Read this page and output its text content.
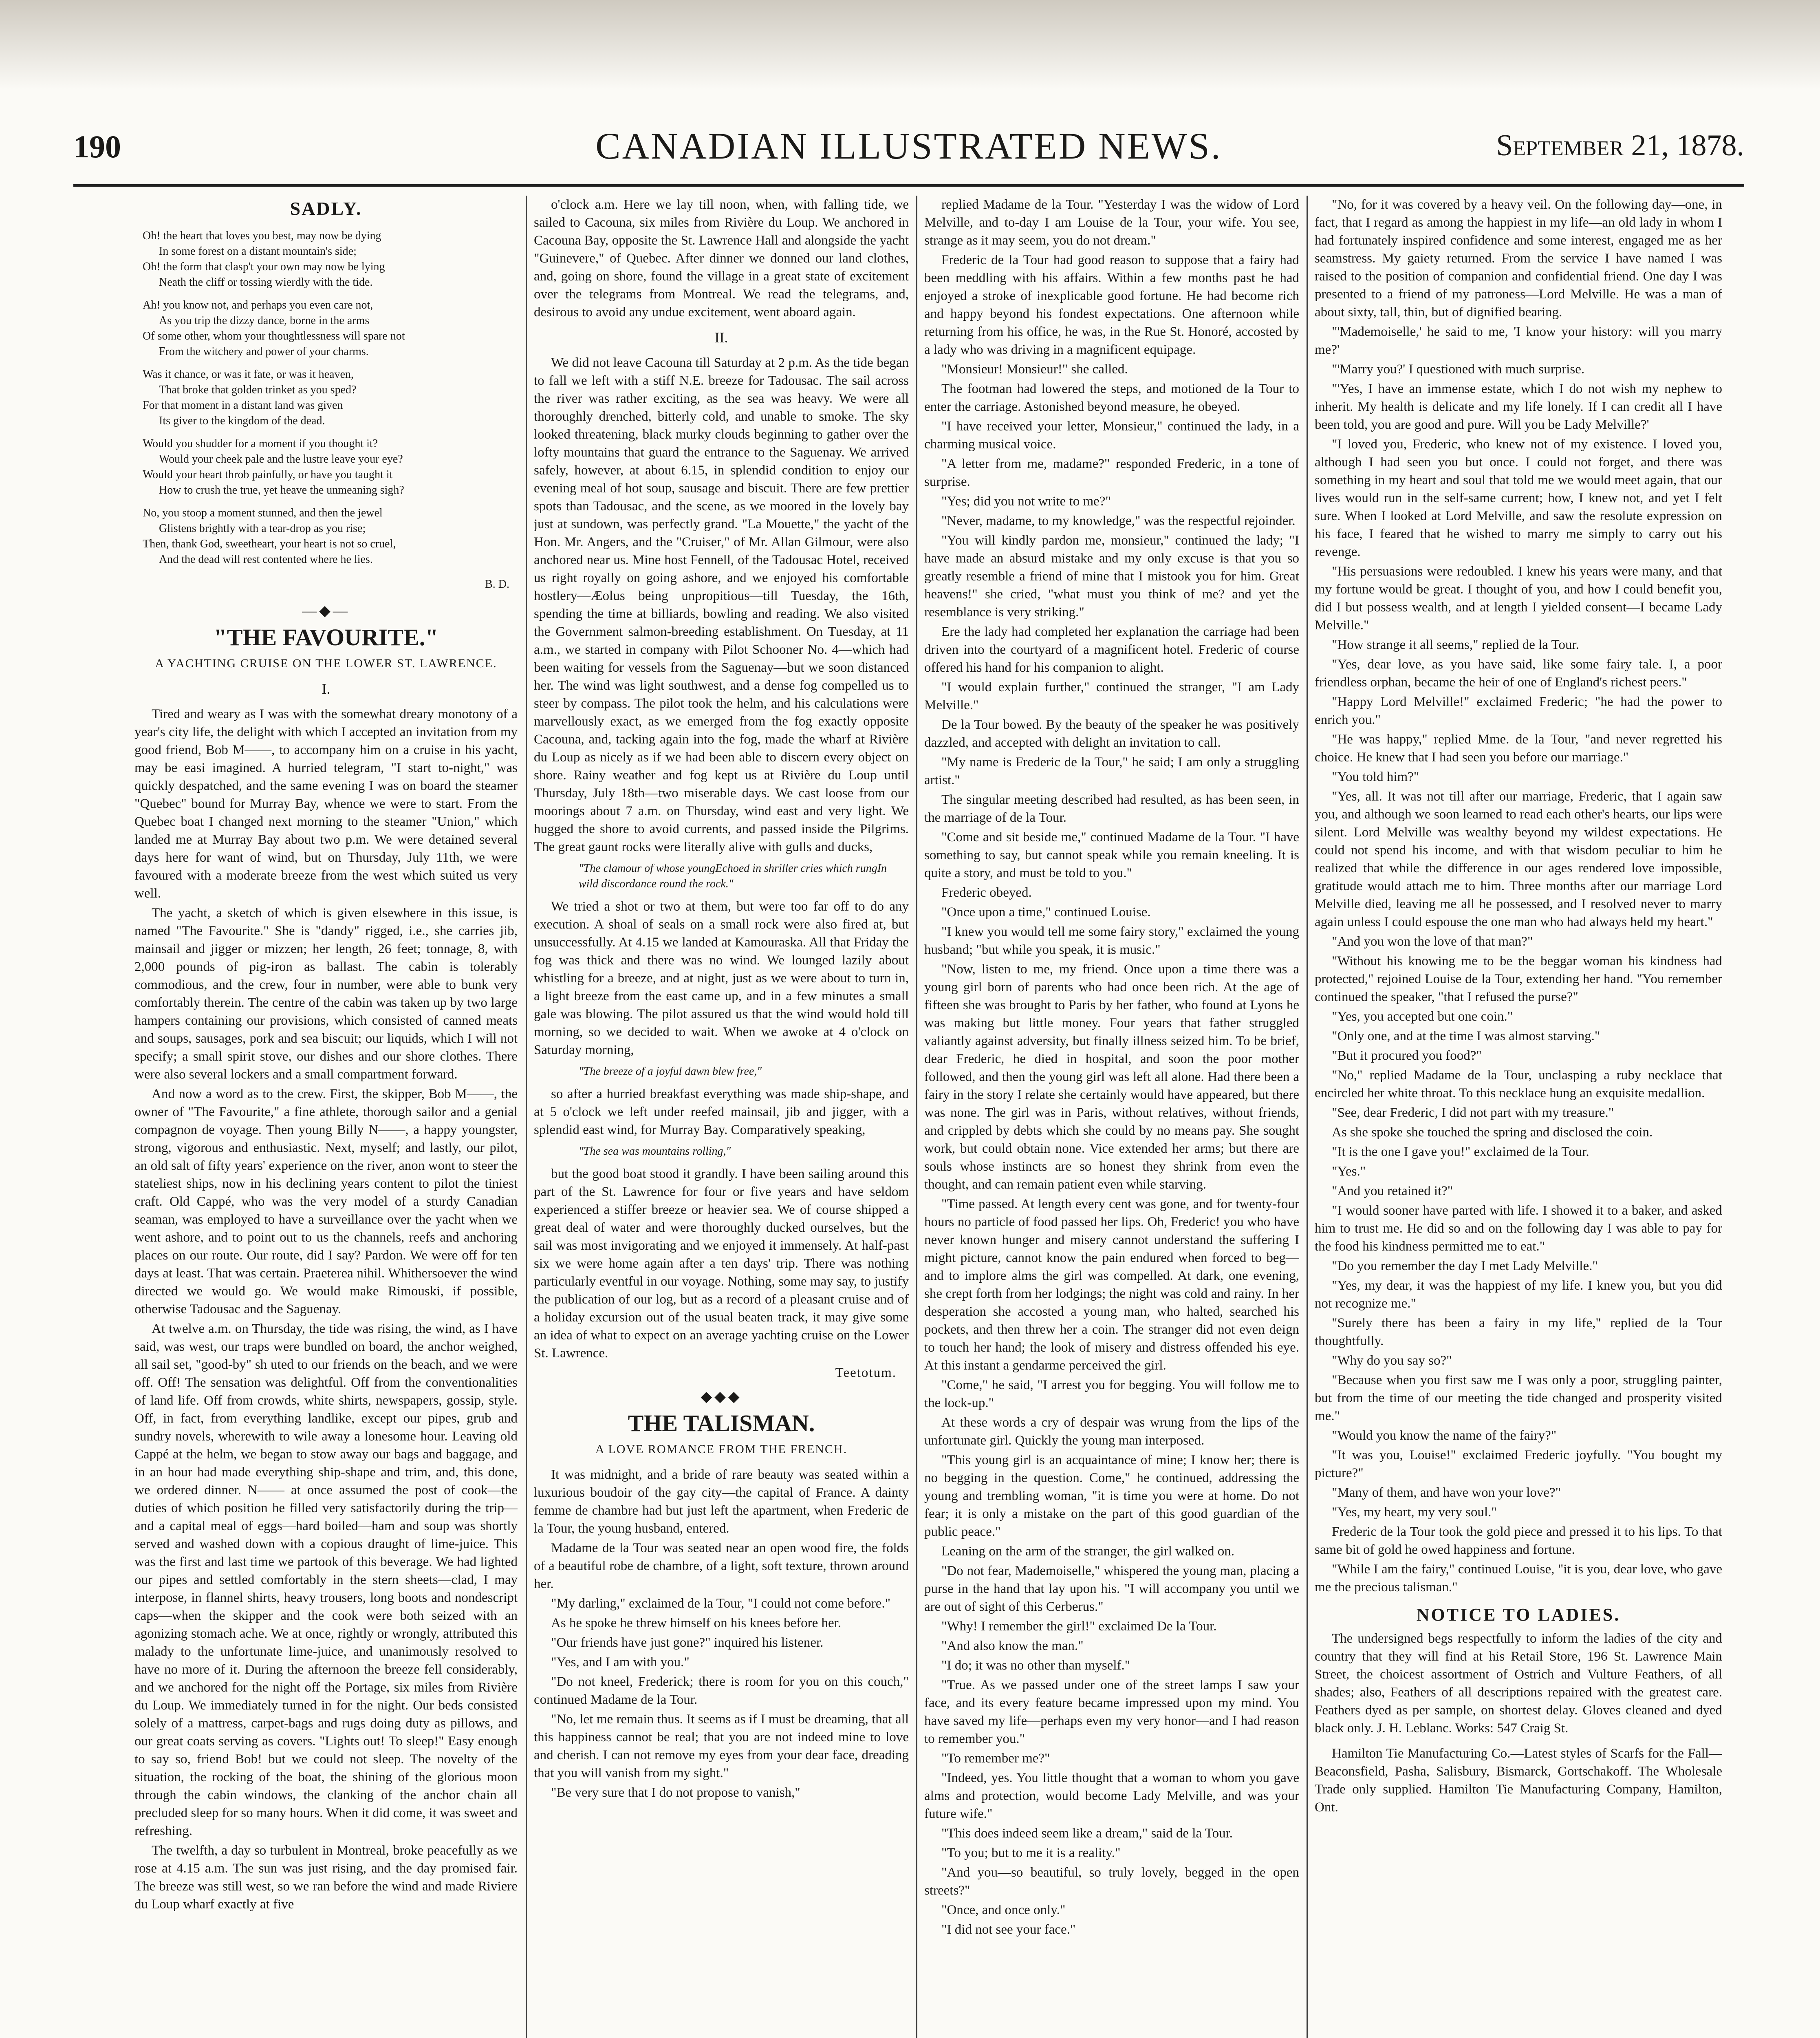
190	CANADIAN ILLUSTRATED NEWS.	September 21, 1878.
SADLY.
Oh! the heart that loves you best, may now be dying
In some forest on a distant mountain's side;
Oh! the form that clasp't your own may now be lying
Neath the cliff or tossing wierdly with the tide.
Ah! you know not, and perhaps you even care not,
As you trip the dizzy dance, borne in the arms
Of some other, whom your thoughtlessness will spare not
From the witchery and power of your charms.
Was it chance, or was it fate, or was it heaven,
That broke that golden trinket as you sped?
For that moment in a distant land was given
Its giver to the kingdom of the dead.
Would you shudder for a moment if you thought it?
Would your cheek pale and the lustre leave your eye?
Would your heart throb painfully, or have you taught it
How to crush the true, yet heave the unmeaning sigh?
No, you stoop a moment stunned, and then the jewel
Glistens brightly with a tear-drop as you rise;
Then, thank God, sweetheart, your heart is not so cruel,
And the dead will rest contented where he lies.
B. D.
—◆—
"THE FAVOURITE."
A YACHTING CRUISE ON THE LOWER ST. LAWRENCE.
I.

Tired and weary as I was with the somewhat dreary monotony of a year's city life, the delight with which I accepted an invitation from my good friend, Bob M——, to accompany him on a cruise in his yacht, may be easi imagined. A hurried telegram, "I start to-night," was quickly despatched, and the same evening I was on board the steamer "Quebec" bound for Murray Bay, whence we were to start. From the Quebec boat I changed next morning to the steamer "Union," which landed me at Murray Bay about two p.m. We were detained several days here for want of wind, but on Thursday, July 11th, we were favoured with a moderate breeze from the west which suited us very well.

The yacht, a sketch of which is given elsewhere in this issue, is named "The Favourite." She is "dandy" rigged, i.e., she carries jib, mainsail and jigger or mizzen; her length, 26 feet; tonnage, 8, with 2,000 pounds of pig-iron as ballast. The cabin is tolerably commodious, and the crew, four in number, were able to bunk very comfortably therein. The centre of the cabin was taken up by two large hampers containing our provisions, which consisted of canned meats and soups, sausages, pork and sea biscuit; our liquids, which I will not specify; a small spirit stove, our dishes and our shore clothes. There were also several lockers and a small compartment forward.

And now a word as to the crew. First, the skipper, Bob M——, the owner of "The Favourite," a fine athlete, thorough sailor and a genial compagnon de voyage. Then young Billy N——, a happy youngster, strong, vigorous and enthusiastic. Next, myself; and lastly, our pilot, an old salt of fifty years' experience on the river, anon wont to steer the stateliest ships, now in his declining years content to pilot the tiniest craft. Old Cappé, who was the very model of a sturdy Canadian seaman, was employed to have a surveillance over the yacht when we went ashore, and to point out to us the channels, reefs and anchoring places on our route. Our route, did I say? Pardon. We were off for ten days at least. That was certain. Praeterea nihil. Whithersoever the wind directed we would go. We would make Rimouski, if possible, otherwise Tadousac and the Saguenay.

At twelve a.m. on Thursday, the tide was rising, the wind, as I have said, was west, our traps were bundled on board, the anchor weighed, all sail set, "good-by" sh uted to our friends on the beach, and we were off. Off! The sensation was delightful. Off from the conventionalities of land life. Off from crowds, white shirts, newspapers, gossip, style. Off, in fact, from everything landlike, except our pipes, grub and sundry novels, wherewith to wile away a lonesome hour. Leaving old Cappé at the helm, we began to stow away our bags and baggage, and in an hour had made everything ship-shape and trim, and, this done, we ordered dinner. N—— at once assumed the post of cook—the duties of which position he filled very satisfactorily during the trip—and a capital meal of eggs—hard boiled—ham and soup was shortly served and washed down with a copious draught of lime-juice. This was the first and last time we partook of this beverage. We had lighted our pipes and settled comfortably in the stern sheets—clad, I may interpose, in flannel shirts, heavy trousers, long boots and nondescript caps—when the skipper and the cook were both seized with an agonizing stomach ache. We at once, rightly or wrongly, attributed this malady to the unfortunate lime-juice, and unanimously resolved to have no more of it. During the afternoon the breeze fell considerably, and we anchored for the night off the Portage, six miles from Rivière du Loup. We immediately turned in for the night. Our beds consisted solely of a mattress, carpet-bags and rugs doing duty as pillows, and our great coats serving as covers. "Lights out! To sleep!" Easy enough to say so, friend Bob! but we could not sleep. The novelty of the situation, the rocking of the boat, the shining of the glorious moon through the cabin windows, the clanking of the anchor chain all precluded sleep for so many hours. When it did come, it was sweet and refreshing.

The twelfth, a day so turbulent in Montreal, broke peacefully as we rose at 4.15 a.m. The sun was just rising, and the day promised fair. The breeze was still west, so we ran before the wind and made Riviere du Loup wharf exactly at five

o'clock a.m. Here we lay till noon, when, with falling tide, we sailed to Cacouna, six miles from Rivière du Loup. We anchored in Cacouna Bay, opposite the St. Lawrence Hall and alongside the yacht "Guinevere," of Quebec. After dinner we donned our land clothes, and, going on shore, found the village in a great state of excitement over the telegrams from Montreal. We read the telegrams, and, desirous to avoid any undue excitement, went aboard again.

II.

We did not leave Cacouna till Saturday at 2 p.m. As the tide began to fall we left with a stiff N.E. breeze for Tadousac. The sail across the river was rather exciting, as the sea was heavy. We were all thoroughly drenched, bitterly cold, and unable to smoke. The sky looked threatening, black murky clouds beginning to gather over the lofty mountains that guard the entrance to the Saguenay. We arrived safely, however, at about 6.15, in splendid condition to enjoy our evening meal of hot soup, sausage and biscuit. There are few prettier spots than Tadousac, and the scene, as we moored in the lovely bay just at sundown, was perfectly grand. "La Mouette," the yacht of the Hon. Mr. Angers, and the "Cruiser," of Mr. Allan Gilmour, were also anchored near us. Mine host Fennell, of the Tadousac Hotel, received us right royally on going ashore, and we enjoyed his comfortable hostlery—Æolus being unpropitious—till Tuesday, the 16th, spending the time at billiards, bowling and reading. We also visited the Government salmon-breeding establishment. On Tuesday, at 11 a.m., we started in company with Pilot Schooner No. 4—which had been waiting for vessels from the Saguenay—but we soon distanced her. The wind was light southwest, and a dense fog compelled us to steer by compass. The pilot took the helm, and his calculations were marvellously exact, as we emerged from the fog exactly opposite Cacouna, and, tacking again into the fog, made the wharf at Rivière du Loup as nicely as if we had been able to discern every object on shore. Rainy weather and fog kept us at Rivière du Loup until Thursday, July 18th—two miserable days. We cast loose from our moorings about 7 a.m. on Thursday, wind east and very light. We hugged the shore to avoid currents, and passed inside the Pilgrims. The great gaunt rocks were literally alive with gulls and ducks,

"The clamour of whose youngEchoed in shriller cries which rungIn wild discordance round the rock."

We tried a shot or two at them, but were too far off to do any execution. A shoal of seals on a small rock were also fired at, but unsuccessfully. At 4.15 we landed at Kamouraska. All that Friday the fog was thick and there was no wind. We lounged lazily about whistling for a breeze, and at night, just as we were about to turn in, a light breeze from the east came up, and in a few minutes a small gale was blowing. The pilot assured us that the wind would hold till morning, so we decided to wait. When we awoke at 4 o'clock on Saturday morning,

"The breeze of a joyful dawn blew free,"

so after a hurried breakfast everything was made ship-shape, and at 5 o'clock we left under reefed mainsail, jib and jigger, with a splendid east wind, for Murray Bay. Comparatively speaking,

"The sea was mountains rolling,"

but the good boat stood it grandly. I have been sailing around this part of the St. Lawrence for four or five years and have seldom experienced a stiffer breeze or heavier sea. We of course shipped a great deal of water and were thoroughly ducked ourselves, but the sail was most invigorating and we enjoyed it immensely. At half-past six we were home again after a ten days' trip. There was nothing particularly eventful in our voyage. Nothing, some may say, to justify the publication of our log, but as a record of a pleasant cruise and of a holiday excursion out of the usual beaten track, it may give some an idea of what to expect on an average yachting cruise on the Lower St. Lawrence.

Teetotum.
◆◆◆
THE TALISMAN.
A LOVE ROMANCE FROM THE FRENCH.

It was midnight, and a bride of rare beauty was seated within a luxurious boudoir of the gay city—the capital of France. A dainty femme de chambre had but just left the apartment, when Frederic de la Tour, the young husband, entered.

Madame de la Tour was seated near an open wood fire, the folds of a beautiful robe de chambre, of a light, soft texture, thrown around her.

"My darling," exclaimed de la Tour, "I could not come before."

As he spoke he threw himself on his knees before her.

"Our friends have just gone?" inquired his listener.

"Yes, and I am with you."

"Do not kneel, Frederick; there is room for you on this couch," continued Madame de la Tour.

"No, let me remain thus. It seems as if I must be dreaming, that all this happiness cannot be real; that you are not indeed mine to love and cherish. I can not remove my eyes from your dear face, dreading that you will vanish from my sight."

"Be very sure that I do not propose to vanish,"

replied Madame de la Tour. "Yesterday I was the widow of Lord Melville, and to-day I am Louise de la Tour, your wife. You see, strange as it may seem, you do not dream."

Frederic de la Tour had good reason to suppose that a fairy had been meddling with his affairs. Within a few months past he had enjoyed a stroke of inexplicable good fortune. He had become rich and happy beyond his fondest expectations. One afternoon while returning from his office, he was, in the Rue St. Honoré, accosted by a lady who was driving in a magnificent equipage.

"Monsieur! Monsieur!" she called.

The footman had lowered the steps, and motioned de la Tour to enter the carriage. Astonished beyond measure, he obeyed.

"I have received your letter, Monsieur," continued the lady, in a charming musical voice.

"A letter from me, madame?" responded Frederic, in a tone of surprise.

"Yes; did you not write to me?"

"Never, madame, to my knowledge," was the respectful rejoinder.

"You will kindly pardon me, monsieur," continued the lady; "I have made an absurd mistake and my only excuse is that you so greatly resemble a friend of mine that I mistook you for him. Great heavens!" she cried, "what must you think of me? and yet the resemblance is very striking."

Ere the lady had completed her explanation the carriage had been driven into the courtyard of a magnificent hotel. Frederic of course offered his hand for his companion to alight.

"I would explain further," continued the stranger, "I am Lady Melville."

De la Tour bowed. By the beauty of the speaker he was positively dazzled, and accepted with delight an invitation to call.

"My name is Frederic de la Tour," he said; I am only a struggling artist."

The singular meeting described had resulted, as has been seen, in the marriage of de la Tour.

"Come and sit beside me," continued Madame de la Tour. "I have something to say, but cannot speak while you remain kneeling. It is quite a story, and must be told to you."

Frederic obeyed.

"Once upon a time," continued Louise.

"I knew you would tell me some fairy story," exclaimed the young husband; "but while you speak, it is music."

"Now, listen to me, my friend. Once upon a time there was a young girl born of parents who had once been rich. At the age of fifteen she was brought to Paris by her father, who found at Lyons he was making but little money. Four years that father struggled valiantly against adversity, but finally illness seized him. To be brief, dear Frederic, he died in hospital, and soon the poor mother followed, and then the young girl was left all alone. Had there been a fairy in the story I relate she certainly would have appeared, but there was none. The girl was in Paris, without relatives, without friends, and crippled by debts which she could by no means pay. She sought work, but could obtain none. Vice extended her arms; but there are souls whose instincts are so honest they shrink from even the thought, and can remain patient even while starving.

"Time passed. At length every cent was gone, and for twenty-four hours no particle of food passed her lips. Oh, Frederic! you who have never known hunger and misery cannot understand the suffering I might picture, cannot know the pain endured when forced to beg—and to implore alms the girl was compelled. At dark, one evening, she crept forth from her lodgings; the night was cold and rainy. In her desperation she accosted a young man, who halted, searched his pockets, and then threw her a coin. The stranger did not even deign to touch her hand; the look of misery and distress offended his eye. At this instant a gendarme perceived the girl.

"Come," he said, "I arrest you for begging. You will follow me to the lock-up."

At these words a cry of despair was wrung from the lips of the unfortunate girl. Quickly the young man interposed.

"This young girl is an acquaintance of mine; I know her; there is no begging in the question. Come," he continued, addressing the young and trembling woman, "it is time you were at home. Do not fear; it is only a mistake on the part of this good guardian of the public peace."

Leaning on the arm of the stranger, the girl walked on.

"Do not fear, Mademoiselle," whispered the young man, placing a purse in the hand that lay upon his. "I will accompany you until we are out of sight of this Cerberus."

"Why! I remember the girl!" exclaimed De la Tour.

"And also know the man."

"I do; it was no other than myself."

"True. As we passed under one of the street lamps I saw your face, and its every feature became impressed upon my mind. You have saved my life—perhaps even my very honor—and I had reason to remember you."

"To remember me?"

"Indeed, yes. You little thought that a woman to whom you gave alms and protection, would become Lady Melville, and was your future wife."

"This does indeed seem like a dream," said de la Tour.

"To you; but to me it is a reality."

"And you—so beautiful, so truly lovely, begged in the open streets?"

"Once, and once only."

"I did not see your face."

"No, for it was covered by a heavy veil. On the following day—one, in fact, that I regard as among the happiest in my life—an old lady in whom I had fortunately inspired confidence and some interest, engaged me as her seamstress. My gaiety returned. From the service I have named I was raised to the position of companion and confidential friend. One day I was presented to a friend of my patroness—Lord Melville. He was a man of about sixty, tall, thin, but of dignified bearing.

"'Mademoiselle,' he said to me, 'I know your history: will you marry me?'

"'Marry you?' I questioned with much surprise.

"'Yes, I have an immense estate, which I do not wish my nephew to inherit. My health is delicate and my life lonely. If I can credit all I have been told, you are good and pure. Will you be Lady Melville?'

"I loved you, Frederic, who knew not of my existence. I loved you, although I had seen you but once. I could not forget, and there was something in my heart and soul that told me we would meet again, that our lives would run in the self-same current; how, I knew not, and yet I felt sure. When I looked at Lord Melville, and saw the resolute expression on his face, I feared that he wished to marry me simply to carry out his revenge.

"His persuasions were redoubled. I knew his years were many, and that my fortune would be great. I thought of you, and how I could benefit you, did I but possess wealth, and at length I yielded consent—I became Lady Melville."

"How strange it all seems," replied de la Tour.

"Yes, dear love, as you have said, like some fairy tale. I, a poor friendless orphan, became the heir of one of England's richest peers."

"Happy Lord Melville!" exclaimed Frederic; "he had the power to enrich you."

"He was happy," replied Mme. de la Tour, "and never regretted his choice. He knew that I had seen you before our marriage."

"You told him?"

"Yes, all. It was not till after our marriage, Frederic, that I again saw you, and although we soon learned to read each other's hearts, our lips were silent. Lord Melville was wealthy beyond my wildest expectations. He could not spend his income, and with that wisdom peculiar to him he realized that while the difference in our ages rendered love impossible, gratitude would attach me to him. Three months after our marriage Lord Melville died, leaving me all he possessed, and I resolved never to marry again unless I could espouse the one man who had always held my heart."

"And you won the love of that man?"

"Without his knowing me to be the beggar woman his kindness had protected," rejoined Louise de la Tour, extending her hand. "You remember continued the speaker, "that I refused the purse?"

"Yes, you accepted but one coin."

"Only one, and at the time I was almost starving."

"But it procured you food?"

"No," replied Madame de la Tour, unclasping a ruby necklace that encircled her white throat. To this necklace hung an exquisite medallion.

"See, dear Frederic, I did not part with my treasure."

As she spoke she touched the spring and disclosed the coin.

"It is the one I gave you!" exclaimed de la Tour.

"Yes."

"And you retained it?"

"I would sooner have parted with life. I showed it to a baker, and asked him to trust me. He did so and on the following day I was able to pay for the food his kindness permitted me to eat."

"Do you remember the day I met Lady Melville."

"Yes, my dear, it was the happiest of my life. I knew you, but you did not recognize me."

"Surely there has been a fairy in my life," replied de la Tour thoughtfully.

"Why do you say so?"

"Because when you first saw me I was only a poor, struggling painter, but from the time of our meeting the tide changed and prosperity visited me."

"Would you know the name of the fairy?"

"It was you, Louise!" exclaimed Frederic joyfully. "You bought my picture?"

"Many of them, and have won your love?"

"Yes, my heart, my very soul."

Frederic de la Tour took the gold piece and pressed it to his lips. To that same bit of gold he owed happiness and fortune.

"While I am the fairy," continued Louise, "it is you, dear love, who gave me the precious talisman."

NOTICE TO LADIES.

The undersigned begs respectfully to inform the ladies of the city and country that they will find at his Retail Store, 196 St. Lawrence Main Street, the choicest assortment of Ostrich and Vulture Feathers, of all shades; also, Feathers of all descriptions repaired with the greatest care. Feathers dyed as per sample, on shortest delay. Gloves cleaned and dyed black only. J. H. Leblanc. Works: 547 Craig St.

Hamilton Tie Manufacturing Co.—Latest styles of Scarfs for the Fall—Beaconsfield, Pasha, Salisbury, Bismarck, Gortschakoff. The Wholesale Trade only supplied. Hamilton Tie Manufacturing Company, Hamilton, Ont.
